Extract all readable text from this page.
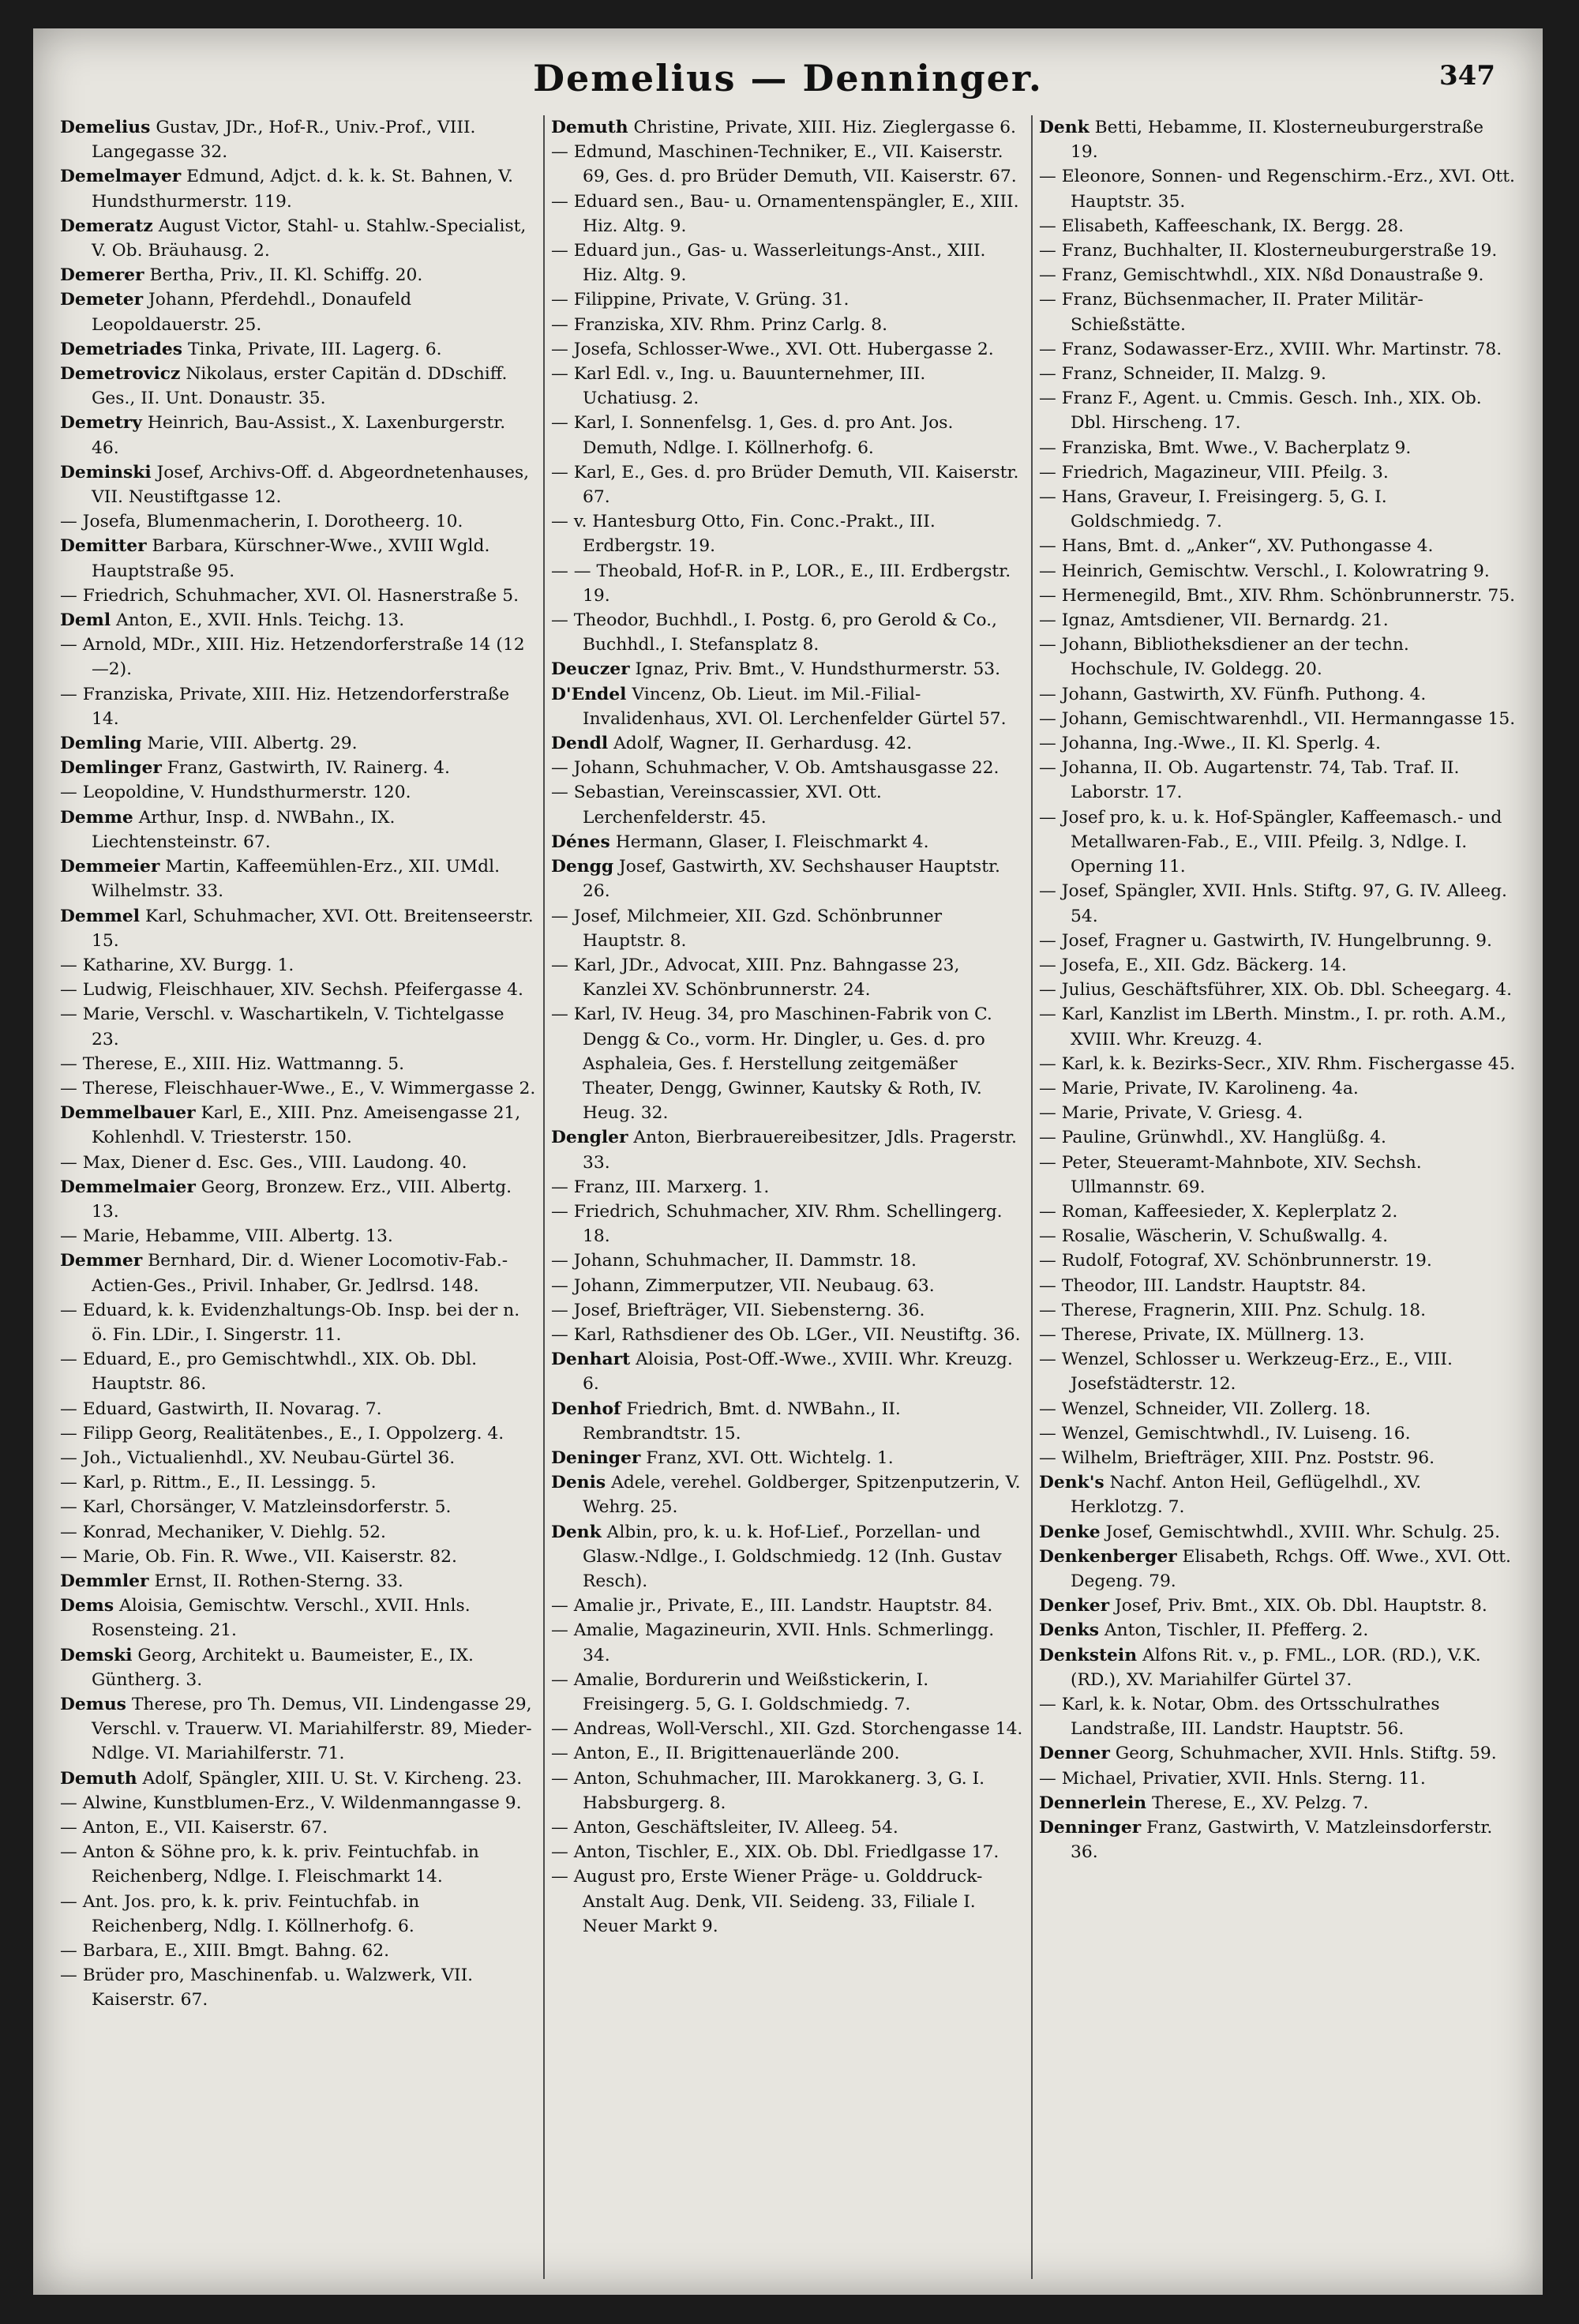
Demelius — Denninger.	347

Demelius Gustav, JDr., Hof-R., Univ.-Prof., VIII. Langegasse 32.

Demelmayer Edmund, Adjct. d. k. k. St. Bahnen, V. Hundsthurmerstr. 119.

Demeratz August Victor, Stahl- u. Stahlw.-Specialist, V. Ob. Bräuhausg. 2.

Demerer Bertha, Priv., II. Kl. Schiffg. 20.

Demeter Johann, Pferdehdl., Donaufeld Leopoldauerstr. 25.

Demetriades Tinka, Private, III. Lagerg. 6.

Demetrovicz Nikolaus, erster Capitän d. DDschiff. Ges., II. Unt. Donaustr. 35.

Demetry Heinrich, Bau-Assist., X. Laxenburgerstr. 46.

Deminski Josef, Archivs-Off. d. Abgeordnetenhauses, VII. Neustiftgasse 12.

— Josefa, Blumenmacherin, I. Dorotheerg. 10.

Demitter Barbara, Kürschner-Wwe., XVIII Wgld. Hauptstraße 95.

— Friedrich, Schuhmacher, XVI. Ol. Hasnerstraße 5.

Deml Anton, E., XVII. Hnls. Teichg. 13.

— Arnold, MDr., XIII. Hiz. Hetzendorferstraße 14 (12—2).

— Franziska, Private, XIII. Hiz. Hetzendorferstraße 14.

Demling Marie, VIII. Albertg. 29.

Demlinger Franz, Gastwirth, IV. Rainerg. 4.

— Leopoldine, V. Hundsthurmerstr. 120.

Demme Arthur, Insp. d. NWBahn., IX. Liechtensteinstr. 67.

Demmeier Martin, Kaffeemühlen-Erz., XII. UMdl. Wilhelmstr. 33.

Demmel Karl, Schuhmacher, XVI. Ott. Breitenseerstr. 15.

— Katharine, XV. Burgg. 1.

— Ludwig, Fleischhauer, XIV. Sechsh. Pfeifergasse 4.

— Marie, Verschl. v. Waschartikeln, V. Tichtelgasse 23.

— Therese, E., XIII. Hiz. Wattmanng. 5.

— Therese, Fleischhauer-Wwe., E., V. Wimmergasse 2.

Demmelbauer Karl, E., XIII. Pnz. Ameisengasse 21, Kohlenhdl. V. Triesterstr. 150.

— Max, Diener d. Esc. Ges., VIII. Laudong. 40.

Demmelmaier Georg, Bronzew. Erz., VIII. Albertg. 13.

— Marie, Hebamme, VIII. Albertg. 13.

Demmer Bernhard, Dir. d. Wiener Locomotiv-Fab.-Actien-Ges., Privil. Inhaber, Gr. Jedlrsd. 148.

— Eduard, k. k. Evidenzhaltungs-Ob. Insp. bei der n. ö. Fin. LDir., I. Singerstr. 11.

— Eduard, E., pro Gemischtwhdl., XIX. Ob. Dbl. Hauptstr. 86.

— Eduard, Gastwirth, II. Novarag. 7.

— Filipp Georg, Realitätenbes., E., I. Oppolzerg. 4.

— Joh., Victualienhdl., XV. Neubau-Gürtel 36.

— Karl, p. Rittm., E., II. Lessingg. 5.

— Karl, Chorsänger, V. Matzleinsdorferstr. 5.

— Konrad, Mechaniker, V. Diehlg. 52.

— Marie, Ob. Fin. R. Wwe., VII. Kaiserstr. 82.

Demmler Ernst, II. Rothen-Sterng. 33.

Dems Aloisia, Gemischtw. Verschl., XVII. Hnls. Rosensteing. 21.

Demski Georg, Architekt u. Baumeister, E., IX. Güntherg. 3.

Demus Therese, pro Th. Demus, VII. Lindengasse 29, Verschl. v. Trauerw. VI. Mariahilferstr. 89, Mieder-Ndlge. VI. Mariahilferstr. 71.

Demuth Adolf, Spängler, XIII. U. St. V. Kircheng. 23.

— Alwine, Kunstblumen-Erz., V. Wildenmanngasse 9.

— Anton, E., VII. Kaiserstr. 67.

— Anton & Söhne pro, k. k. priv. Feintuchfab. in Reichenberg, Ndlge. I. Fleischmarkt 14.

— Ant. Jos. pro, k. k. priv. Feintuchfab. in Reichenberg, Ndlg. I. Köllnerhofg. 6.

— Barbara, E., XIII. Bmgt. Bahng. 62.

— Brüder pro, Maschinenfab. u. Walzwerk, VII. Kaiserstr. 67.

Demuth Christine, Private, XIII. Hiz. Zieglergasse 6.

— Edmund, Maschinen-Techniker, E., VII. Kaiserstr. 69, Ges. d. pro Brüder Demuth, VII. Kaiserstr. 67.

— Eduard sen., Bau- u. Ornamentenspängler, E., XIII. Hiz. Altg. 9.

— Eduard jun., Gas- u. Wasserleitungs-Anst., XIII. Hiz. Altg. 9.

— Filippine, Private, V. Grüng. 31.

— Franziska, XIV. Rhm. Prinz Carlg. 8.

— Josefa, Schlosser-Wwe., XVI. Ott. Hubergasse 2.

— Karl Edl. v., Ing. u. Bauunternehmer, III. Uchatiusg. 2.

— Karl, I. Sonnenfelsg. 1, Ges. d. pro Ant. Jos. Demuth, Ndlge. I. Köllnerhofg. 6.

— Karl, E., Ges. d. pro Brüder Demuth, VII. Kaiserstr. 67.

— v. Hantesburg Otto, Fin. Conc.-Prakt., III. Erdbergstr. 19.

— — Theobald, Hof-R. in P., LOR., E., III. Erdbergstr. 19.

— Theodor, Buchhdl., I. Postg. 6, pro Gerold & Co., Buchhdl., I. Stefansplatz 8.

Deuczer Ignaz, Priv. Bmt., V. Hundsthurmerstr. 53.

D'Endel Vincenz, Ob. Lieut. im Mil.-Filial-Invalidenhaus, XVI. Ol. Lerchenfelder Gürtel 57.

Dendl Adolf, Wagner, II. Gerhardusg. 42.

— Johann, Schuhmacher, V. Ob. Amtshausgasse 22.

— Sebastian, Vereinscassier, XVI. Ott. Lerchenfelderstr. 45.

Dénes Hermann, Glaser, I. Fleischmarkt 4.

Dengg Josef, Gastwirth, XV. Sechshauser Hauptstr. 26.

— Josef, Milchmeier, XII. Gzd. Schönbrunner Hauptstr. 8.

— Karl, JDr., Advocat, XIII. Pnz. Bahngasse 23, Kanzlei XV. Schönbrunnerstr. 24.

— Karl, IV. Heug. 34, pro Maschinen-Fabrik von C. Dengg & Co., vorm. Hr. Dingler, u. Ges. d. pro Asphaleia, Ges. f. Herstellung zeitgemäßer Theater, Dengg, Gwinner, Kautsky & Roth, IV. Heug. 32.

Dengler Anton, Bierbrauereibesitzer, Jdls. Pragerstr. 33.

— Franz, III. Marxerg. 1.

— Friedrich, Schuhmacher, XIV. Rhm. Schellingerg. 18.

— Johann, Schuhmacher, II. Dammstr. 18.

— Johann, Zimmerputzer, VII. Neubaug. 63.

— Josef, Briefträger, VII. Siebensterng. 36.

— Karl, Rathsdiener des Ob. LGer., VII. Neustiftg. 36.

Denhart Aloisia, Post-Off.-Wwe., XVIII. Whr. Kreuzg. 6.

Denhof Friedrich, Bmt. d. NWBahn., II. Rembrandtstr. 15.

Deninger Franz, XVI. Ott. Wichtelg. 1.

Denis Adele, verehel. Goldberger, Spitzenputzerin, V. Wehrg. 25.

Denk Albin, pro, k. u. k. Hof-Lief., Porzellan- und Glasw.-Ndlge., I. Goldschmiedg. 12 (Inh. Gustav Resch).

— Amalie jr., Private, E., III. Landstr. Hauptstr. 84.

— Amalie, Magazineurin, XVII. Hnls. Schmerlingg. 34.

— Amalie, Bordurerin und Weißstickerin, I. Freisingerg. 5, G. I. Goldschmiedg. 7.

— Andreas, Woll-Verschl., XII. Gzd. Storchengasse 14.

— Anton, E., II. Brigittenauerlände 200.

— Anton, Schuhmacher, III. Marokkanerg. 3, G. I. Habsburgerg. 8.

— Anton, Geschäftsleiter, IV. Alleeg. 54.

— Anton, Tischler, E., XIX. Ob. Dbl. Friedlgasse 17.

— August pro, Erste Wiener Präge- u. Golddruck-Anstalt Aug. Denk, VII. Seideng. 33, Filiale I. Neuer Markt 9.

Denk Betti, Hebamme, II. Klosterneuburgerstraße 19.

— Eleonore, Sonnen- und Regenschirm.-Erz., XVI. Ott. Hauptstr. 35.

— Elisabeth, Kaffeeschank, IX. Bergg. 28.

— Franz, Buchhalter, II. Klosterneuburgerstraße 19.

— Franz, Gemischtwhdl., XIX. Nßd Donaustraße 9.

— Franz, Büchsenmacher, II. Prater Militär-Schießstätte.

— Franz, Sodawasser-Erz., XVIII. Whr. Martinstr. 78.

— Franz, Schneider, II. Malzg. 9.

— Franz F., Agent. u. Cmmis. Gesch. Inh., XIX. Ob. Dbl. Hirscheng. 17.

— Franziska, Bmt. Wwe., V. Bacherplatz 9.

— Friedrich, Magazineur, VIII. Pfeilg. 3.

— Hans, Graveur, I. Freisingerg. 5, G. I. Goldschmiedg. 7.

— Hans, Bmt. d. „Anker“, XV. Puthongasse 4.

— Heinrich, Gemischtw. Verschl., I. Kolowratring 9.

— Hermenegild, Bmt., XIV. Rhm. Schönbrunnerstr. 75.

— Ignaz, Amtsdiener, VII. Bernardg. 21.

— Johann, Bibliotheksdiener an der techn. Hochschule, IV. Goldegg. 20.

— Johann, Gastwirth, XV. Fünfh. Puthong. 4.

— Johann, Gemischtwarenhdl., VII. Hermanngasse 15.

— Johanna, Ing.-Wwe., II. Kl. Sperlg. 4.

— Johanna, II. Ob. Augartenstr. 74, Tab. Traf. II. Laborstr. 17.

— Josef pro, k. u. k. Hof-Spängler, Kaffeemasch.- und Metallwaren-Fab., E., VIII. Pfeilg. 3, Ndlge. I. Operning 11.

— Josef, Spängler, XVII. Hnls. Stiftg. 97, G. IV. Alleeg. 54.

— Josef, Fragner u. Gastwirth, IV. Hungelbrunng. 9.

— Josefa, E., XII. Gdz. Bäckerg. 14.

— Julius, Geschäftsführer, XIX. Ob. Dbl. Scheegarg. 4.

— Karl, Kanzlist im LBerth. Minstm., I. pr. roth. A.M., XVIII. Whr. Kreuzg. 4.

— Karl, k. k. Bezirks-Secr., XIV. Rhm. Fischergasse 45.

— Marie, Private, IV. Karolineng. 4a.

— Marie, Private, V. Griesg. 4.

— Pauline, Grünwhdl., XV. Hanglüßg. 4.

— Peter, Steueramt-Mahnbote, XIV. Sechsh. Ullmannstr. 69.

— Roman, Kaffeesieder, X. Keplerplatz 2.

— Rosalie, Wäscherin, V. Schußwallg. 4.

— Rudolf, Fotograf, XV. Schönbrunnerstr. 19.

— Theodor, III. Landstr. Hauptstr. 84.

— Therese, Fragnerin, XIII. Pnz. Schulg. 18.

— Therese, Private, IX. Müllnerg. 13.

— Wenzel, Schlosser u. Werkzeug-Erz., E., VIII. Josefstädterstr. 12.

— Wenzel, Schneider, VII. Zollerg. 18.

— Wenzel, Gemischtwhdl., IV. Luiseng. 16.

— Wilhelm, Briefträger, XIII. Pnz. Poststr. 96.

Denk's Nachf. Anton Heil, Geflügelhdl., XV. Herklotzg. 7.

Denke Josef, Gemischtwhdl., XVIII. Whr. Schulg. 25.

Denkenberger Elisabeth, Rchgs. Off. Wwe., XVI. Ott. Degeng. 79.

Denker Josef, Priv. Bmt., XIX. Ob. Dbl. Hauptstr. 8.

Denks Anton, Tischler, II. Pfefferg. 2.

Denkstein Alfons Rit. v., p. FML., LOR. (RD.), V.K. (RD.), XV. Mariahilfer Gürtel 37.

— Karl, k. k. Notar, Obm. des Ortsschulrathes Landstraße, III. Landstr. Hauptstr. 56.

Denner Georg, Schuhmacher, XVII. Hnls. Stiftg. 59.

— Michael, Privatier, XVII. Hnls. Sterng. 11.

Dennerlein Therese, E., XV. Pelzg. 7.

Denninger Franz, Gastwirth, V. Matzleinsdorferstr. 36.
